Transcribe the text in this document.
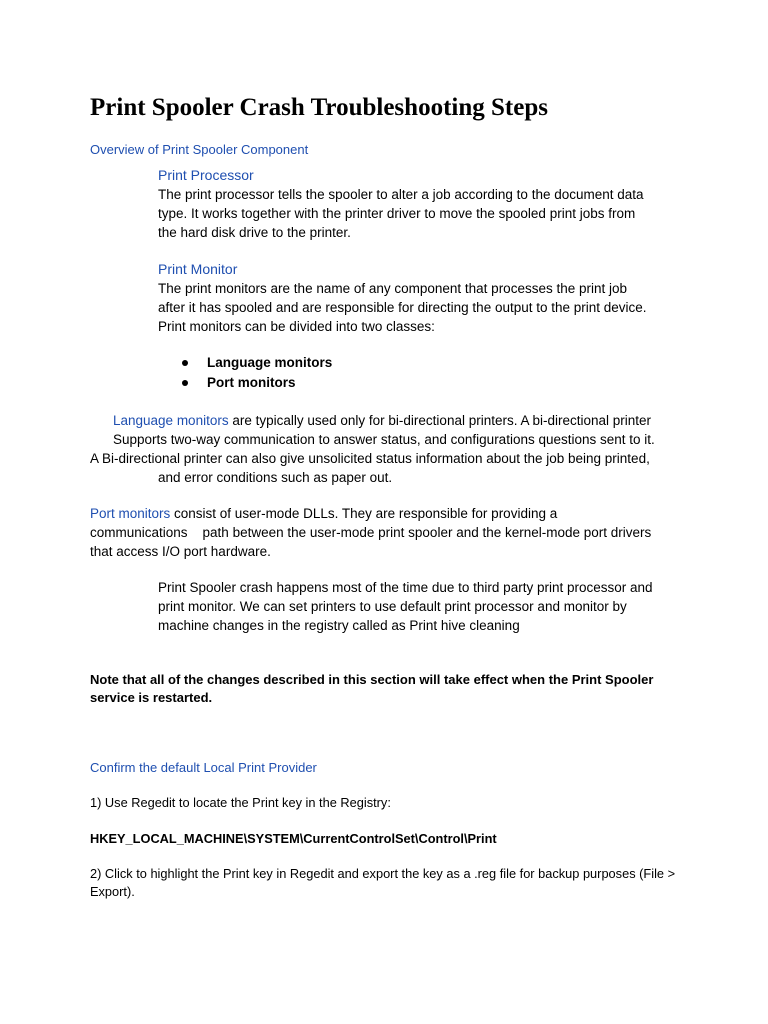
Print Spooler Crash Troubleshooting Steps
Overview of Print Spooler Component
Print Processor
The print processor tells the spooler to alter a job according to the document data
type. It works together with the printer driver to move the spooled print jobs from
the hard disk drive to the printer.
Print Monitor
The print monitors are the name of any component that processes the print job
after it has spooled and are responsible for directing the output to the print device.
Print monitors can be divided into two classes:
Language monitors
Port monitors
Language monitors are typically used only for bi-directional printers. A bi-directional printer
Supports two-way communication to answer status, and configurations questions sent to it.
A Bi-directional printer can also give unsolicited status information about the job being printed,
and error conditions such as paper out.
Port monitors consist of user-mode DLLs. They are responsible for providing a
communications    path between the user-mode print spooler and the kernel-mode port drivers
that access I/O port hardware.
Print Spooler crash happens most of the time due to third party print processor and
print monitor. We can set printers to use default print processor and monitor by
machine changes in the registry called as Print hive cleaning
Note that all of the changes described in this section will take effect when the Print Spooler service is restarted.
Confirm the default Local Print Provider
1) Use Regedit to locate the Print key in the Registry:
HKEY_LOCAL_MACHINE\SYSTEM\CurrentControlSet\Control\Print
2) Click to highlight the Print key in Regedit and export the key as a .reg file for backup purposes (File >
Export).
